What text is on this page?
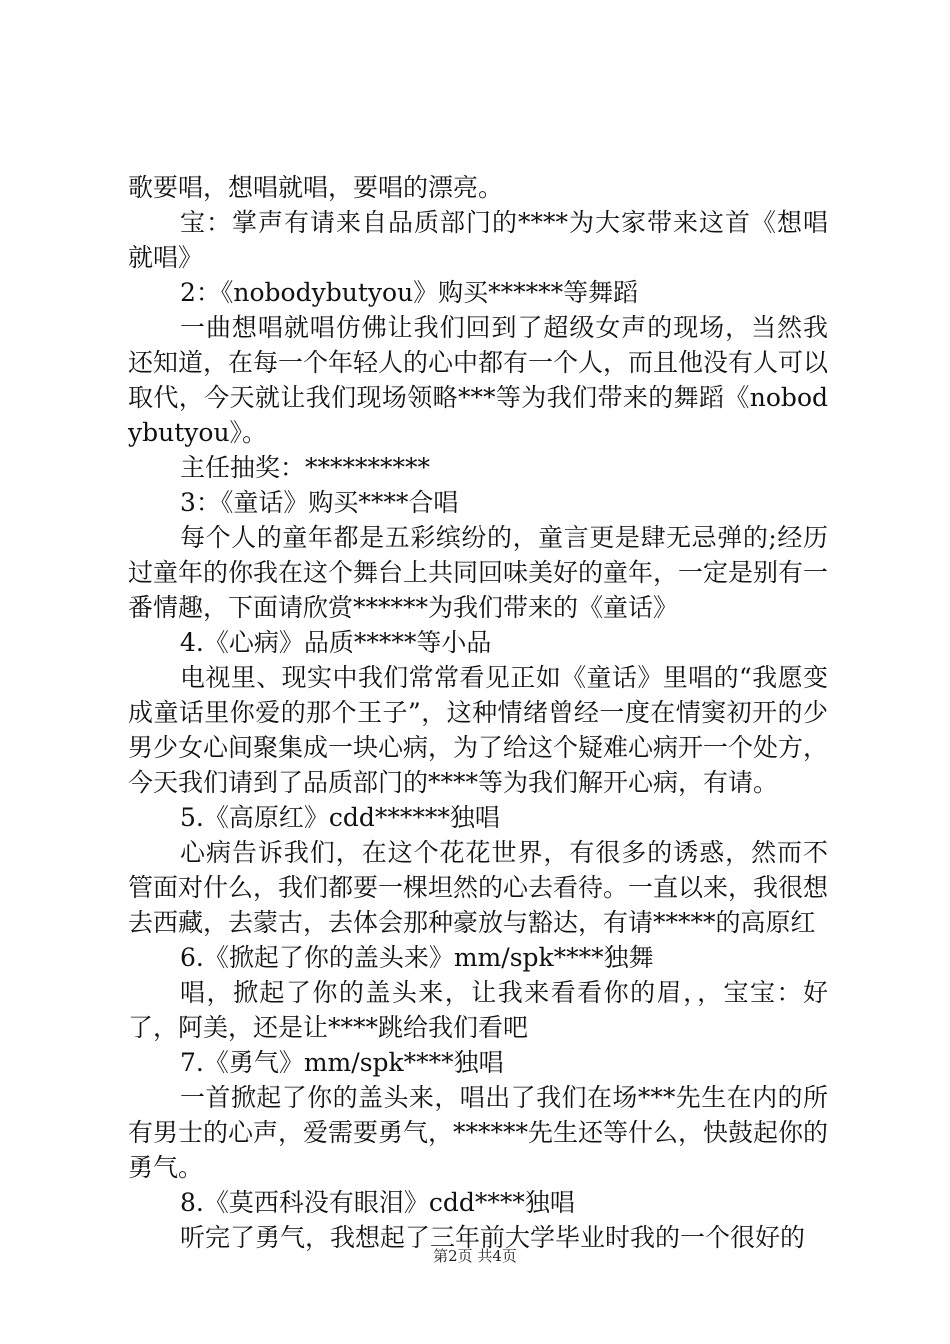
歌要唱，想唱就唱，要唱的漂亮。

宝：掌声有请来自品质部门的****为大家带来这首《想唱就唱》

2：《nobodybutyou》购买******等舞蹈

一曲想唱就唱仿佛让我们回到了超级女声的现场，当然我还知道，在每一个年轻人的心中都有一个人，而且他没有人可以取代，今天就让我们现场领略***等为我们带来的舞蹈《nobodybutyou》。

主任抽奖：**********

3：《童话》购买****合唱

每个人的童年都是五彩缤纷的，童言更是肆无忌弹的;经历过童年的你我在这个舞台上共同回味美好的童年，一定是别有一番情趣，下面请欣赏******为我们带来的《童话》

4.《心病》品质*****等小品

电视里、现实中我们常常看见正如《童话》里唱的“我愿变成童话里你爱的那个王子”，这种情绪曾经一度在情窦初开的少男少女心间聚集成一块心病，为了给这个疑难心病开一个处方，今天我们请到了品质部门的****等为我们解开心病，有请。

5.《高原红》cdd******独唱

心病告诉我们，在这个花花世界，有很多的诱惑，然而不管面对什么，我们都要一棵坦然的心去看待。一直以来，我很想去西藏，去蒙古，去体会那种豪放与豁达，有请*****的高原红

6.《掀起了你的盖头来》mm/spk****独舞

唱，掀起了你的盖头来，让我来看看你的眉，，宝宝：好了，阿美，还是让****跳给我们看吧

7.《勇气》mm/spk****独唱

一首掀起了你的盖头来，唱出了我们在场***先生在内的所有男士的心声，爱需要勇气，******先生还等什么，快鼓起你的勇气。

8.《莫西科没有眼泪》cdd****独唱

听完了勇气，我想起了三年前大学毕业时我的一个很好的

第2页 共4页
